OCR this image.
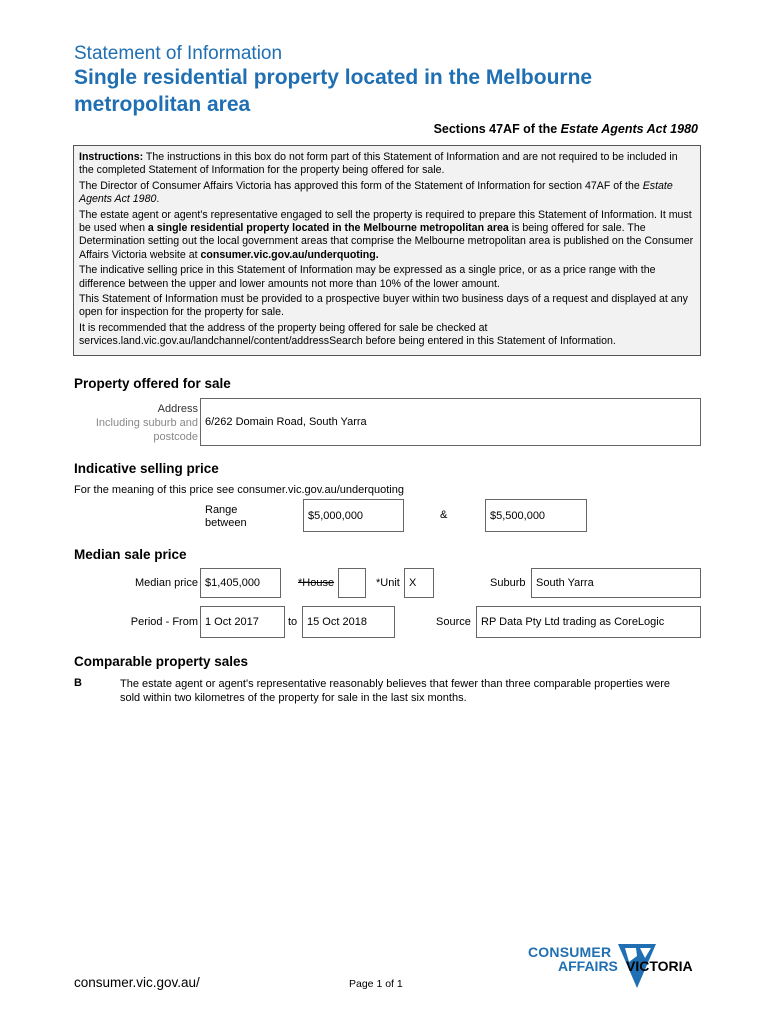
Statement of Information
Single residential property located in the Melbourne metropolitan area
Sections 47AF of the Estate Agents Act 1980

Instructions: The instructions in this box do not form part of this Statement of Information and are not required to be included in the completed Statement of Information for the property being offered for sale.

The Director of Consumer Affairs Victoria has approved this form of the Statement of Information for section 47AF of the Estate Agents Act 1980.

The estate agent or agent's representative engaged to sell the property is required to prepare this Statement of Information. It must be used when a single residential property located in the Melbourne metropolitan area is being offered for sale. The Determination setting out the local government areas that comprise the Melbourne metropolitan area is published on the Consumer Affairs Victoria website at consumer.vic.gov.au/underquoting.

The indicative selling price in this Statement of Information may be expressed as a single price, or as a price range with the difference between the upper and lower amounts not more than 10% of the lower amount.

This Statement of Information must be provided to a prospective buyer within two business days of a request and displayed at any open for inspection for the property for sale.

It is recommended that the address of the property being offered for sale be checked at services.land.vic.gov.au/landchannel/content/addressSearch before being entered in this Statement of Information.

Property offered for sale
Address
Including suburb and
postcode
6/262 Domain Road, South Yarra
Indicative selling price
For the meaning of this price see consumer.vic.gov.au/underquoting
Range
between
$5,000,000	&	$5,500,000
Median sale price
Median price $1,405,000	*House	*Unit X	Suburb South Yarra
Period - From 1 Oct 2017	to 15 Oct 2018	Source RP Data Pty Ltd trading as CoreLogic
Comparable property sales
B	The estate agent or agent's representative reasonably believes that fewer than three comparable properties were sold within two kilometres of the property for sale in the last six months.
consumer.vic.gov.au/	Page 1 of 1
CONSUMER
AFFAIRS VICTORIA
